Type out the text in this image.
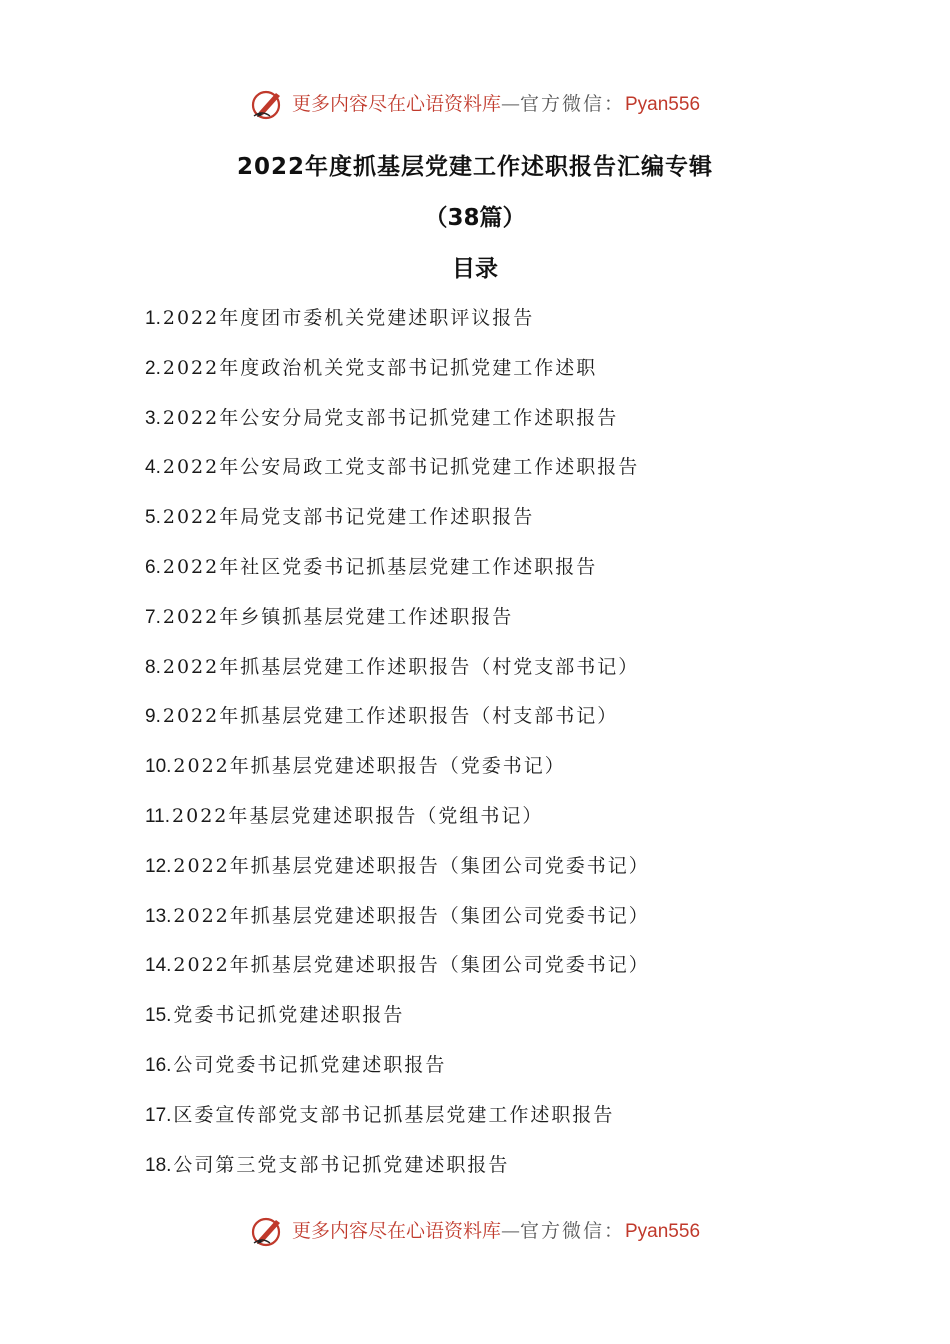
更多内容尽在心语资料库—官方微信：Pyan556
2022年度抓基层党建工作述职报告汇编专辑
（38篇）
目录
1. 2022年度团市委机关党建述职评议报告
2. 2022年度政治机关党支部书记抓党建工作述职
3. 2022年公安分局党支部书记抓党建工作述职报告
4. 2022年公安局政工党支部书记抓党建工作述职报告
5. 2022年局党支部书记党建工作述职报告
6. 2022年社区党委书记抓基层党建工作述职报告
7. 2022年乡镇抓基层党建工作述职报告
8. 2022年抓基层党建工作述职报告（村党支部书记）
9. 2022年抓基层党建工作述职报告（村支部书记）
10. 2022年抓基层党建述职报告（党委书记）
11. 2022年基层党建述职报告（党组书记）
12. 2022年抓基层党建述职报告（集团公司党委书记）
13. 2022年抓基层党建述职报告（集团公司党委书记）
14. 2022年抓基层党建述职报告（集团公司党委书记）
15. 党委书记抓党建述职报告
16. 公司党委书记抓党建述职报告
17. 区委宣传部党支部书记抓基层党建工作述职报告
18. 公司第三党支部书记抓党建述职报告
更多内容尽在心语资料库—官方微信：Pyan556
